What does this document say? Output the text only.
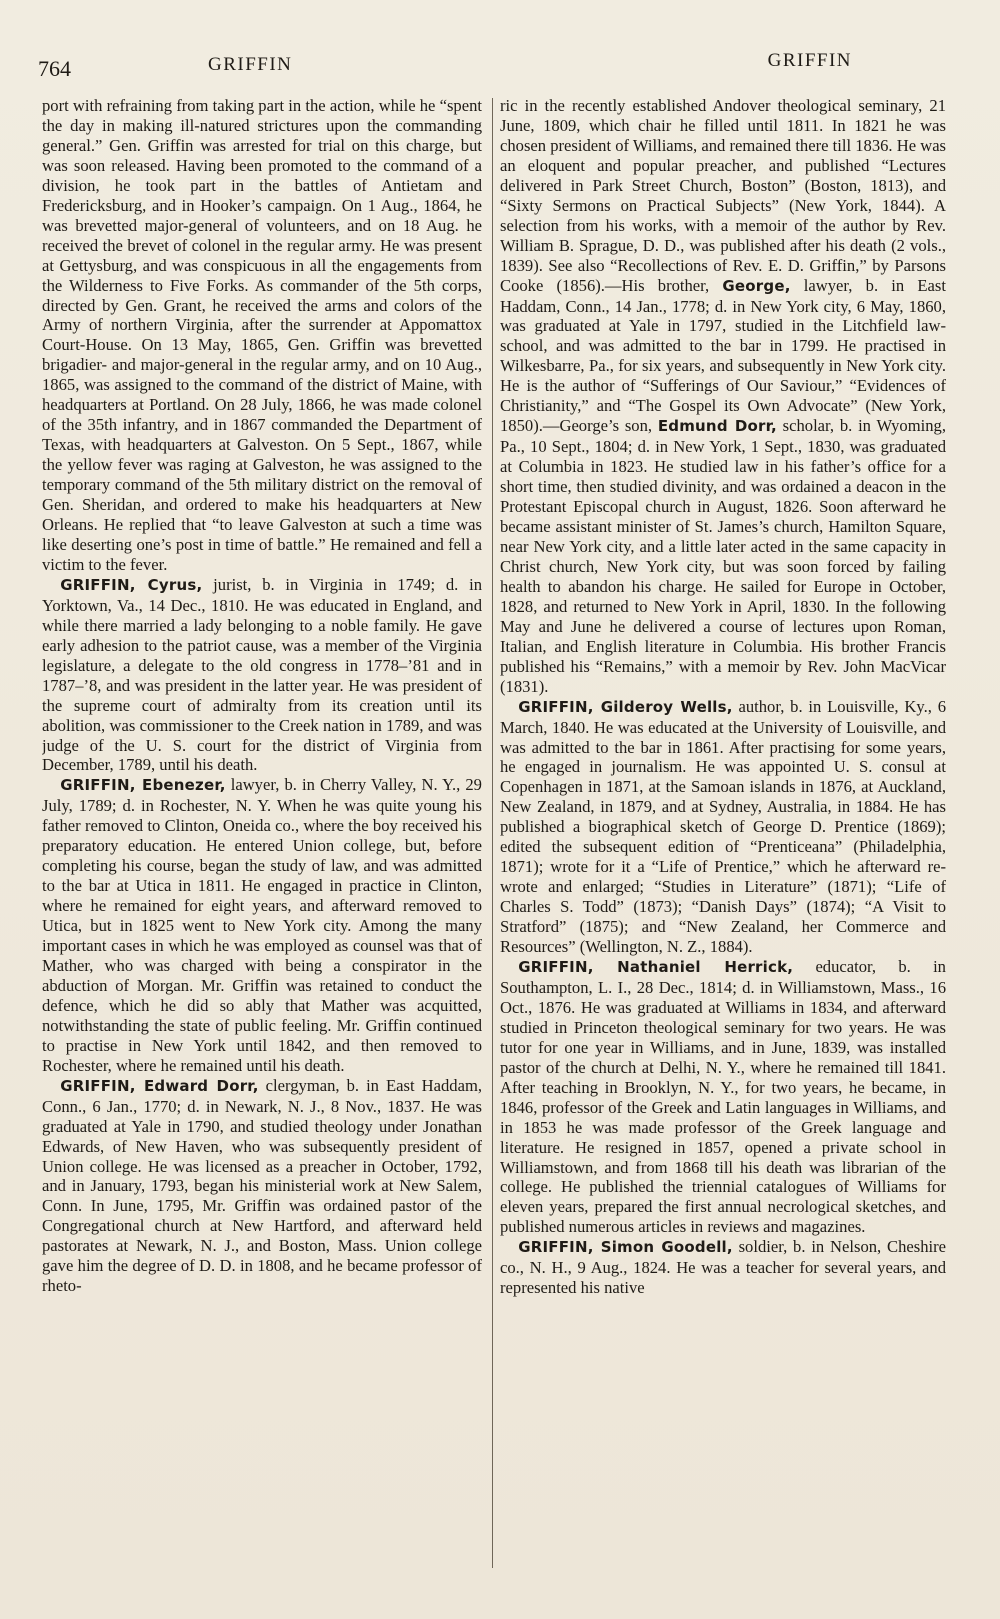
764	GRIFFIN	GRIFFIN

port with refraining from taking part in the action, while he “spent the day in making ill-natured strictures upon the commanding general.” Gen. Griffin was arrested for trial on this charge, but was soon released. Having been promoted to the command of a division, he took part in the battles of Antietam and Fredericksburg, and in Hooker’s campaign. On 1 Aug., 1864, he was brevetted major-general of volunteers, and on 18 Aug. he received the brevet of colonel in the regular army. He was present at Gettysburg, and was conspicuous in all the engagements from the Wilderness to Five Forks. As commander of the 5th corps, directed by Gen. Grant, he received the arms and colors of the Army of northern Virginia, after the surrender at Appomattox Court-House. On 13 May, 1865, Gen. Griffin was brevetted brigadier- and major-general in the regular army, and on 10 Aug., 1865, was assigned to the command of the district of Maine, with headquarters at Portland. On 28 July, 1866, he was made colonel of the 35th infantry, and in 1867 commanded the Department of Texas, with headquarters at Galveston. On 5 Sept., 1867, while the yellow fever was raging at Galveston, he was assigned to the temporary command of the 5th military district on the removal of Gen. Sheridan, and ordered to make his headquarters at New Orleans. He replied that “to leave Galveston at such a time was like deserting one’s post in time of battle.” He remained and fell a victim to the fever.

GRIFFIN, Cyrus, jurist, b. in Virginia in 1749; d. in Yorktown, Va., 14 Dec., 1810. He was educated in England, and while there married a lady belonging to a noble family. He gave early adhesion to the patriot cause, was a member of the Virginia legislature, a delegate to the old congress in 1778–’81 and in 1787–’8, and was president in the latter year. He was president of the supreme court of admiralty from its creation until its abolition, was commissioner to the Creek nation in 1789, and was judge of the U. S. court for the district of Virginia from December, 1789, until his death.

GRIFFIN, Ebenezer, lawyer, b. in Cherry Valley, N. Y., 29 July, 1789; d. in Rochester, N. Y. When he was quite young his father removed to Clinton, Oneida co., where the boy received his preparatory education. He entered Union college, but, before completing his course, began the study of law, and was admitted to the bar at Utica in 1811. He engaged in practice in Clinton, where he remained for eight years, and afterward removed to Utica, but in 1825 went to New York city. Among the many important cases in which he was employed as counsel was that of Mather, who was charged with being a conspirator in the abduction of Morgan. Mr. Griffin was retained to conduct the defence, which he did so ably that Mather was acquitted, notwithstanding the state of public feeling. Mr. Griffin continued to practise in New York until 1842, and then removed to Rochester, where he remained until his death.

GRIFFIN, Edward Dorr, clergyman, b. in East Haddam, Conn., 6 Jan., 1770; d. in Newark, N. J., 8 Nov., 1837. He was graduated at Yale in 1790, and studied theology under Jonathan Edwards, of New Haven, who was subsequently president of Union college. He was licensed as a preacher in October, 1792, and in January, 1793, began his ministerial work at New Salem, Conn. In June, 1795, Mr. Griffin was ordained pastor of the Congregational church at New Hartford, and afterward held pastorates at Newark, N. J., and Boston, Mass. Union college gave him the degree of D. D. in 1808, and he became professor of rheto-

ric in the recently established Andover theological seminary, 21 June, 1809, which chair he filled until 1811. In 1821 he was chosen president of Williams, and remained there till 1836. He was an eloquent and popular preacher, and published “Lectures delivered in Park Street Church, Boston” (Boston, 1813), and “Sixty Sermons on Practical Subjects” (New York, 1844). A selection from his works, with a memoir of the author by Rev. William B. Sprague, D. D., was published after his death (2 vols., 1839). See also “Recollections of Rev. E. D. Griffin,” by Parsons Cooke (1856).—His brother, George, lawyer, b. in East Haddam, Conn., 14 Jan., 1778; d. in New York city, 6 May, 1860, was graduated at Yale in 1797, studied in the Litchfield law-school, and was admitted to the bar in 1799. He practised in Wilkesbarre, Pa., for six years, and subsequently in New York city. He is the author of “Sufferings of Our Saviour,” “Evidences of Christianity,” and “The Gospel its Own Advocate” (New York, 1850).—George’s son, Edmund Dorr, scholar, b. in Wyoming, Pa., 10 Sept., 1804; d. in New York, 1 Sept., 1830, was graduated at Columbia in 1823. He studied law in his father’s office for a short time, then studied divinity, and was ordained a deacon in the Protestant Episcopal church in August, 1826. Soon afterward he became assistant minister of St. James’s church, Hamilton Square, near New York city, and a little later acted in the same capacity in Christ church, New York city, but was soon forced by failing health to abandon his charge. He sailed for Europe in October, 1828, and returned to New York in April, 1830. In the following May and June he delivered a course of lectures upon Roman, Italian, and English literature in Columbia. His brother Francis published his “Remains,” with a memoir by Rev. John MacVicar (1831).

GRIFFIN, Gilderoy Wells, author, b. in Louisville, Ky., 6 March, 1840. He was educated at the University of Louisville, and was admitted to the bar in 1861. After practising for some years, he engaged in journalism. He was appointed U. S. consul at Copenhagen in 1871, at the Samoan islands in 1876, at Auckland, New Zealand, in 1879, and at Sydney, Australia, in 1884. He has published a biographical sketch of George D. Prentice (1869); edited the subsequent edition of “Prenticeana” (Philadelphia, 1871); wrote for it a “Life of Prentice,” which he afterward re-wrote and enlarged; “Studies in Literature” (1871); “Life of Charles S. Todd” (1873); “Danish Days” (1874); “A Visit to Stratford” (1875); and “New Zealand, her Commerce and Resources” (Wellington, N. Z., 1884).

GRIFFIN, Nathaniel Herrick, educator, b. in Southampton, L. I., 28 Dec., 1814; d. in Williamstown, Mass., 16 Oct., 1876. He was graduated at Williams in 1834, and afterward studied in Princeton theological seminary for two years. He was tutor for one year in Williams, and in June, 1839, was installed pastor of the church at Delhi, N. Y., where he remained till 1841. After teaching in Brooklyn, N. Y., for two years, he became, in 1846, professor of the Greek and Latin languages in Williams, and in 1853 he was made professor of the Greek language and literature. He resigned in 1857, opened a private school in Williamstown, and from 1868 till his death was librarian of the college. He published the triennial catalogues of Williams for eleven years, prepared the first annual necrological sketches, and published numerous articles in reviews and magazines.

GRIFFIN, Simon Goodell, soldier, b. in Nelson, Cheshire co., N. H., 9 Aug., 1824. He was a teacher for several years, and represented his native
